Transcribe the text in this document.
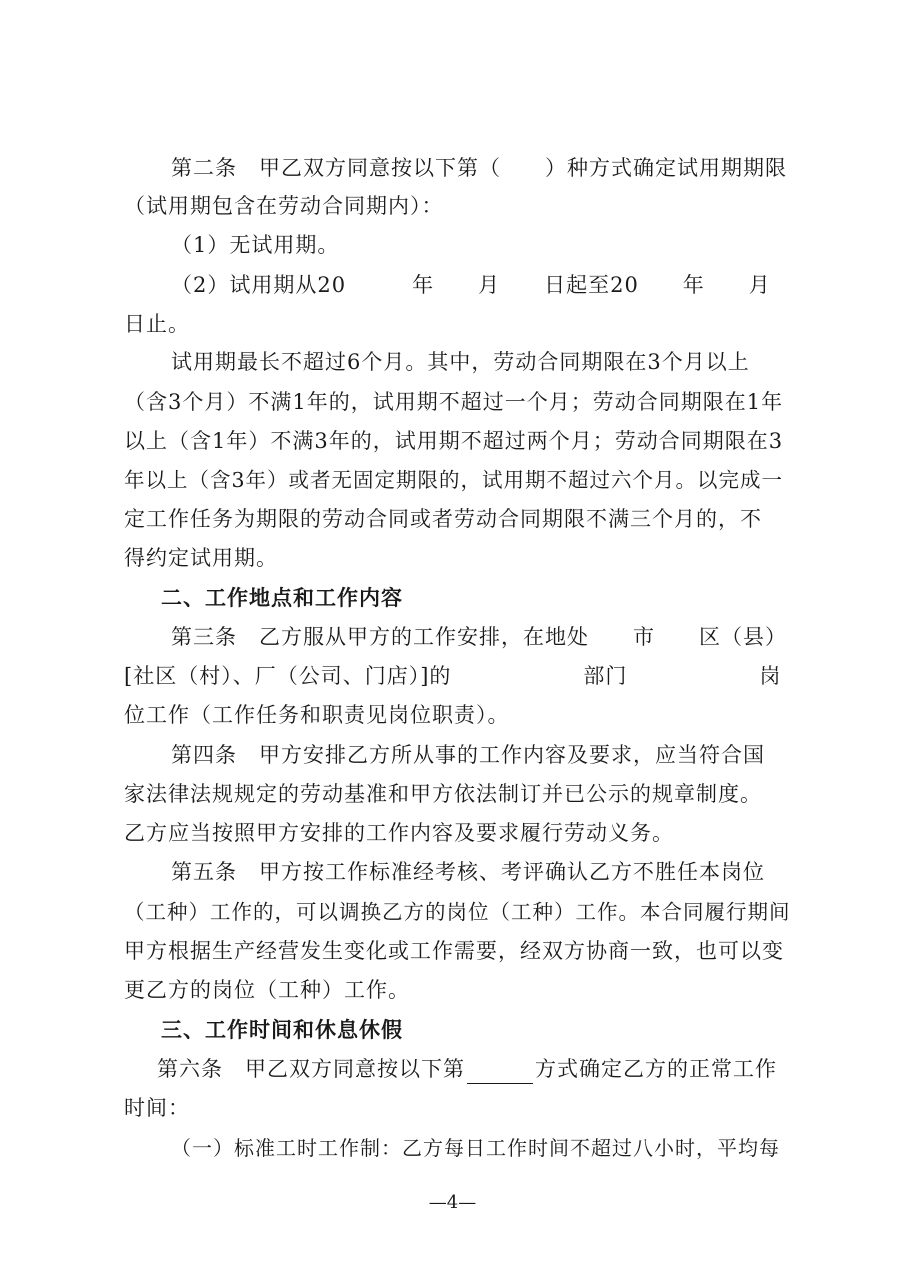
第二条　甲乙双方同意按以下第（　　）种方式确定试用期期限
（试用期包含在劳动合同期内）：
（1）无试用期。
（2）试用期从20　　　年　　月　　日起至20　　年　　月
日止。
试用期最长不超过6个月。其中，劳动合同期限在3个月以上
（含3个月）不满1年的，试用期不超过一个月；劳动合同期限在1年
以上（含1年）不满3年的，试用期不超过两个月；劳动合同期限在3
年以上（含3年）或者无固定期限的，试用期不超过六个月。以完成一
定工作任务为期限的劳动合同或者劳动合同期限不满三个月的，不
得约定试用期。
二、工作地点和工作内容
第三条　乙方服从甲方的工作安排，在地处　　市　　区（县）
[社区（村）、厂（公司、门店）]的　　　　　　部门　　　　　　岗
位工作（工作任务和职责见岗位职责）。
第四条　甲方安排乙方所从事的工作内容及要求，应当符合国
家法律法规规定的劳动基准和甲方依法制订并已公示的规章制度。
乙方应当按照甲方安排的工作内容及要求履行劳动义务。
第五条　甲方按工作标准经考核、考评确认乙方不胜任本岗位
（工种）工作的，可以调换乙方的岗位（工种）工作。本合同履行期间
甲方根据生产经营发生变化或工作需要，经双方协商一致，也可以变
更乙方的岗位（工种）工作。
三、工作时间和休息休假
第六条　甲乙双方同意按以下第	方式确定乙方的正常工作
时间：
（一）标准工时工作制：乙方每日工作时间不超过八小时，平均每
—4—
